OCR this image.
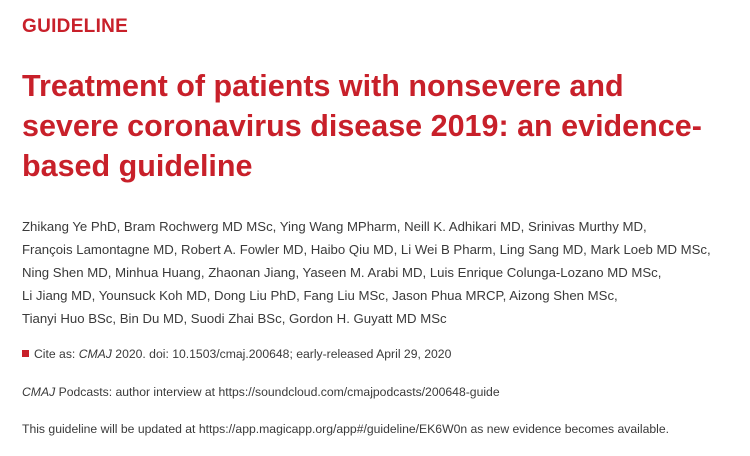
GUIDELINE
Treatment of patients with nonsevere and
severe coronavirus disease 2019: an evidence-
based guideline
Zhikang Ye PhD, Bram Rochwerg MD MSc, Ying Wang MPharm, Neill K. Adhikari MD, Srinivas Murthy MD,
François Lamontagne MD, Robert A. Fowler MD, Haibo Qiu MD, Li Wei B Pharm, Ling Sang MD, Mark Loeb MD MSc,
Ning Shen MD, Minhua Huang, Zhaonan Jiang, Yaseen M. Arabi MD, Luis Enrique Colunga-Lozano MD MSc,
Li Jiang MD, Younsuck Koh MD, Dong Liu PhD, Fang Liu MSc, Jason Phua MRCP, Aizong Shen MSc,
Tianyi Huo BSc, Bin Du MD, Suodi Zhai BSc, Gordon H. Guyatt MD MSc
Cite as: CMAJ 2020. doi: 10.1503/cmaj.200648; early-released April 29, 2020
CMAJ Podcasts: author interview at https://soundcloud.com/cmajpodcasts/200648-guide
This guideline will be updated at https://app.magicapp.org/app#/guideline/EK6W0n as new evidence becomes available.
